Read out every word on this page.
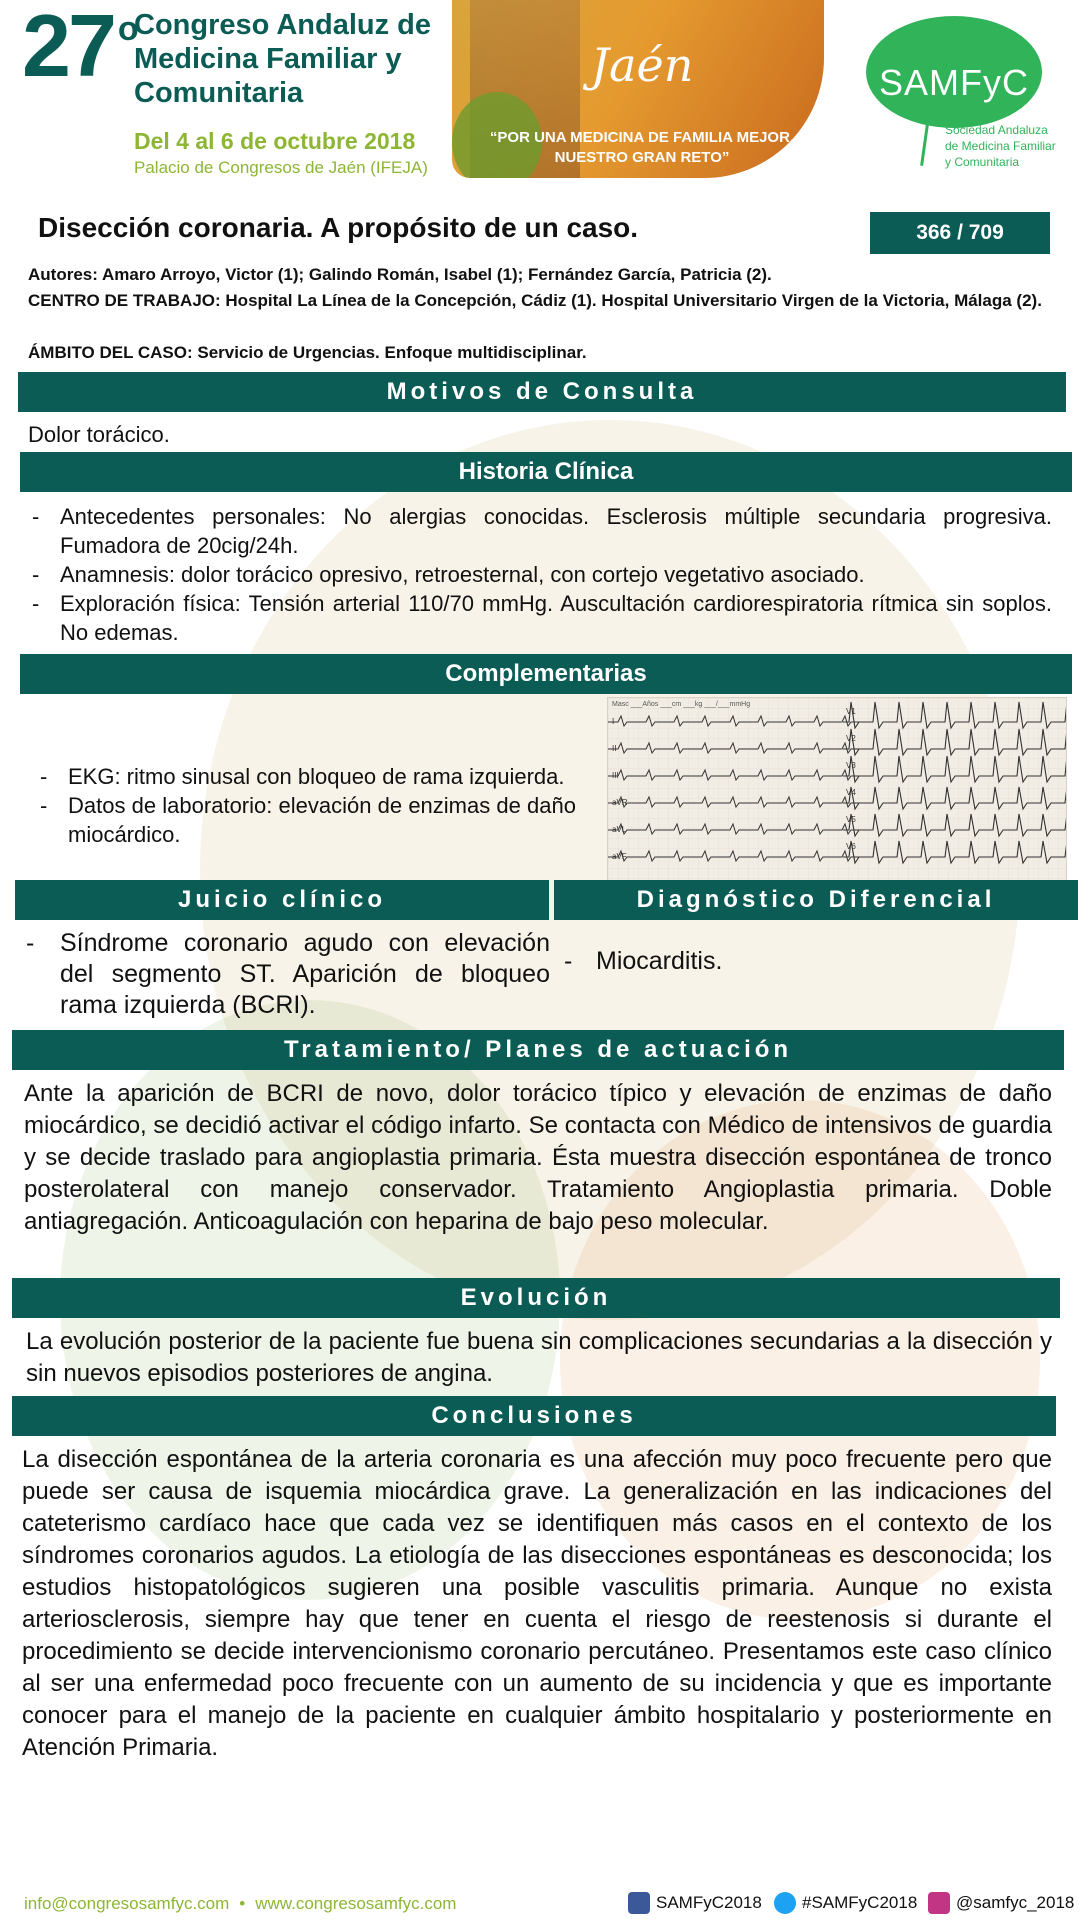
27 $^o$
Congreso Andaluz de Medicina Familiar y Comunitaria
Del 4 al 6 de octubre 2018
Palacio de Congresos de Jaén (IFEJA)
Jaén
“POR UNA MEDICINA DE FAMILIA MEJOR, NUESTRO GRAN RETO”
SAMFyC
Sociedad Andaluza
de Medicina Familiar
y Comunitaria
Disección coronaria. A propósito de un caso.	366 / 709
Autores: Amaro Arroyo, Victor (1); Galindo Román, Isabel (1); Fernández García, Patricia (2).
CENTRO DE TRABAJO: Hospital La Línea de la Concepción, Cádiz (1). Hospital Universitario Virgen de la Victoria, Málaga (2).
ÁMBITO DEL CASO: Servicio de Urgencias. Enfoque multidisciplinar.
Motivos de Consulta
Dolor torácico.
Historia Clínica
- Antecedentes personales: No alergias conocidas. Esclerosis múltiple secundaria progresiva. Fumadora de 20cig/24h.
- Anamnesis: dolor torácico opresivo, retroesternal, con cortejo vegetativo asociado.
- Exploración física: Tensión arterial 110/70 mmHg. Auscultación cardiorespiratoria rítmica sin soplos. No edemas.
Complementarias
- EKG: ritmo sinusal con bloqueo de rama izquierda.
- Datos de laboratorio: elevación de enzimas de daño miocárdico.
Masc ___Años ___cm ___kg ___/___mmHg
I
II
III
aVR
aVL
aVF
V1
V2
V3
V4
V5
V6
Juicio clínico	Diagnóstico Diferencial
- Síndrome coronario agudo con elevación del segmento ST. Aparición de bloqueo rama izquierda (BCRI).
- Miocarditis.
Tratamiento/ Planes de actuación
Ante la aparición de BCRI de novo, dolor torácico típico y elevación de enzimas de daño miocárdico, se decidió activar el código infarto. Se contacta con Médico de intensivos de guardia y se decide traslado para angioplastia primaria. Ésta muestra disección espontánea de tronco posterolateral con manejo conservador. Tratamiento Angioplastia primaria. Doble antiagregación. Anticoagulación con heparina de bajo peso molecular.
Evolución
La evolución posterior de la paciente fue buena sin complicaciones secundarias a la disección y sin nuevos episodios posteriores de angina.
Conclusiones
La disección espontánea de la arteria coronaria es una afección muy poco frecuente pero que puede ser causa de isquemia miocárdica grave. La generalización en las indicaciones del cateterismo cardíaco hace que cada vez se identifiquen más casos en el contexto de los síndromes coronarios agudos. La etiología de las disecciones espontáneas es desconocida; los estudios histopatológicos sugieren una posible vasculitis primaria. Aunque no exista arteriosclerosis, siempre hay que tener en cuenta el riesgo de reestenosis si durante el procedimiento se decide intervencionismo coronario percutáneo. Presentamos este caso clínico al ser una enfermedad poco frecuente con un aumento de su incidencia y que es importante conocer para el manejo de la paciente en cualquier ámbito hospitalario y posteriormente en Atención Primaria.
info@congresosamfyc.com • www.congresosamfyc.com	SAMFyC2018 #SAMFyC2018 @samfyc_2018
